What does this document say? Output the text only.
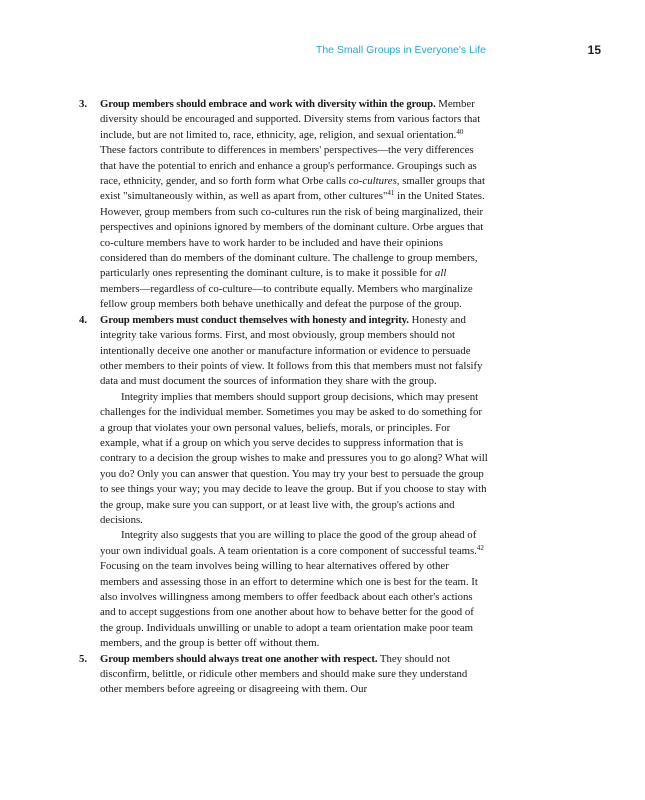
The Small Groups in Everyone's Life	15
3. Group members should embrace and work with diversity within the group. Member diversity should be encouraged and supported. Diversity stems from various factors that include, but are not limited to, race, ethnicity, age, religion, and sexual orientation.$^{40}$ These factors contribute to differences in members' perspectives—the very differences that have the potential to enrich and enhance a group's performance. Groupings such as race, ethnicity, gender, and so forth form what Orbe calls co-cultures, smaller groups that exist "simultaneously within, as well as apart from, other cultures"$^{41}$ in the United States. However, group members from such co-cultures run the risk of being marginalized, their perspectives and opinions ignored by members of the dominant culture. Orbe argues that co-culture members have to work harder to be included and have their opinions considered than do members of the dominant culture. The challenge to group members, particularly ones representing the dominant culture, is to make it possible for all members—regardless of co-culture—to contribute equally. Members who marginalize fellow group members both behave unethically and defeat the purpose of the group.

4. Group members must conduct themselves with honesty and integrity. Honesty and integrity take various forms. First, and most obviously, group members should not intentionally deceive one another or manufacture information or evidence to persuade other members to their points of view. It follows from this that members must not falsify data and must document the sources of information they share with the group.

Integrity implies that members should support group decisions, which may present challenges for the individual member. Sometimes you may be asked to do something for a group that violates your own personal values, beliefs, morals, or principles. For example, what if a group on which you serve decides to suppress information that is contrary to a decision the group wishes to make and pressures you to go along? What will you do? Only you can answer that question. You may try your best to persuade the group to see things your way; you may decide to leave the group. But if you choose to stay with the group, make sure you can support, or at least live with, the group's actions and decisions.

Integrity also suggests that you are willing to place the good of the group ahead of your own individual goals. A team orientation is a core component of successful teams.$^{42}$ Focusing on the team involves being willing to hear alternatives offered by other members and assessing those in an effort to determine which one is best for the team. It also involves willingness among members to offer feedback about each other's actions and to accept suggestions from one another about how to behave better for the good of the group. Individuals unwilling or unable to adopt a team orientation make poor team members, and the group is better off without them.

5. Group members should always treat one another with respect. They should not disconfirm, belittle, or ridicule other members and should make sure they understand other members before agreeing or disagreeing with them. Our
